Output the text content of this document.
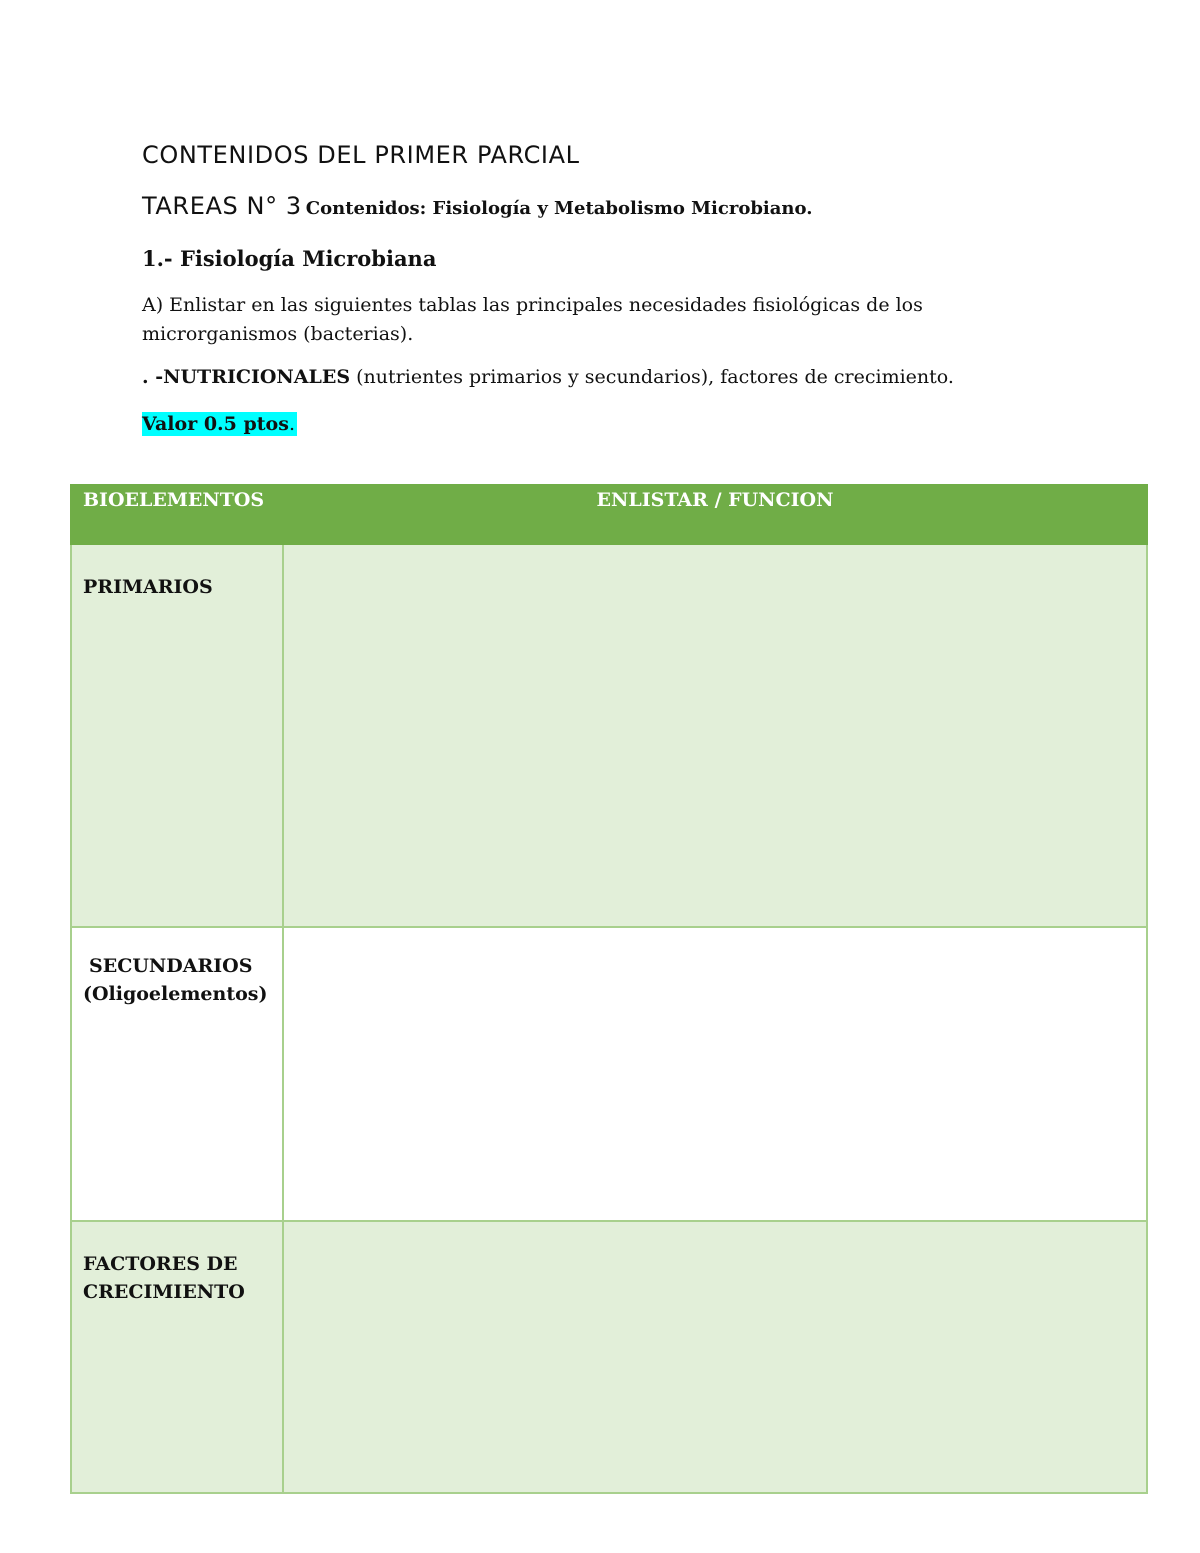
CONTENIDOS DEL PRIMER PARCIAL
TAREAS N° 3 Contenidos: Fisiología y Metabolismo Microbiano.
1.- Fisiología Microbiana
A) Enlistar en las siguientes tablas las principales necesidades fisiológicas de los microrganismos (bacterias).
. -NUTRICIONALES (nutrientes primarios y secundarios), factores de crecimiento.
Valor 0.5 ptos.
BIOELEMENTOS	ENLISTAR / FUNCION

PRIMARIOS	

SECUNDARIOS
(Oligoelementos)	

FACTORES DE
CRECIMIENTO	
